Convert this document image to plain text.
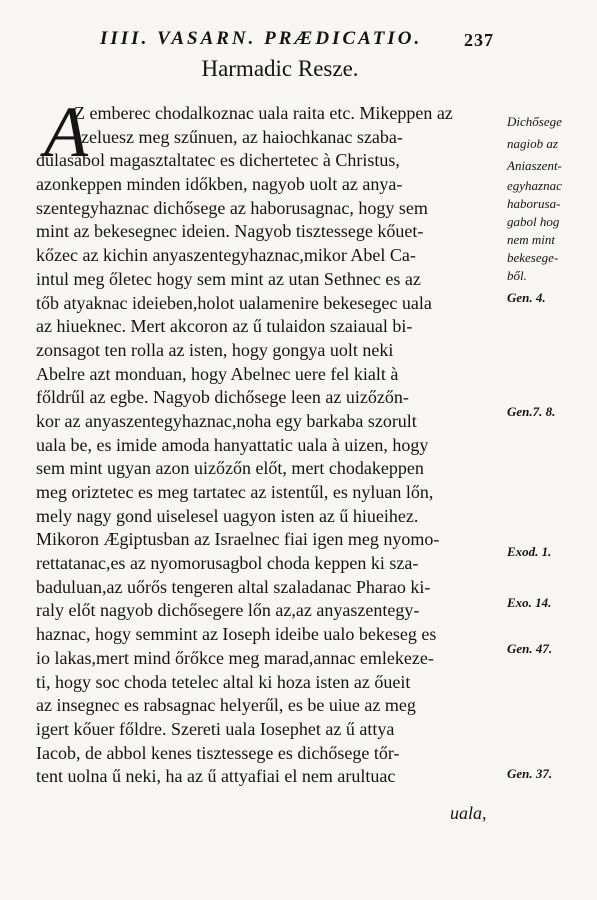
IIII. VASARN. PRÆDICATIO. 237
Harmadic Resze.
A
Z emberec chodalkoznac uala raita etc. Mikeppen az
szeluesz meg szűnuen, az haiochkanac szaba-
dulasabol magasztaltatec es dichertetec à Christus,
azonkeppen minden időkben, nagyob uolt az anya-
szentegyhaznac dichősege az haborusagnac, hogy sem
mint az bekesegnec ideien. Nagyob tisztessege kőuet-
kőzec az kichin anyaszentegyhaznac,mikor Abel Ca-
intul meg őletec hogy sem mint az utan Sethnec es az
tőb atyaknac ideieben,holot ualamenire bekesegec uala
az hiueknec. Mert akcoron az ű tulaidon szaiaual bi-
zonsagot ten rolla az isten, hogy gongya uolt neki
Abelre azt monduan, hogy Abelnec uere fel kialt à
főldrűl az egbe. Nagyob dichősege leen az uizőzőn-
kor az anyaszentegyhaznac,noha egy barkaba szorult
uala be, es imide amoda hanyattatic uala à uizen, hogy
sem mint ugyan azon uizőzőn előt, mert chodakeppen
meg oriztetec es meg tartatec az istentűl, es nyluan lőn,
mely nagy gond uiselesel uagyon isten az ű hiueihez.
Mikoron Ægiptusban az Israelnec fiai igen meg nyomo-
rettatanac,es az nyomorusagbol choda keppen ki sza-
baduluan,az uőrős tengeren altal szaladanac Pharao ki-
raly előt nagyob dichősegere lőn az,az anyaszentegy-
haznac, hogy semmint az Ioseph ideibe ualo bekeseg es
io lakas,mert mind őrőkce meg marad,annac emlekeze-
ti, hogy soc choda tetelec altal ki hoza isten az őueit
az insegnec es rabsagnac helyerűl, es be uiue az meg
igert kőuer főldre. Szereti uala Iosephet az ű attya
Iacob, de abbol kenes tisztessege es dichősege tőr-
tent uolna ű neki, ha az ű attyafiai el nem arultuac
uala,
Dichősege
nagiob az
Aniaszent-
egyhaznac
haborusa-
gabol hog
nem mint
bekesege-
ből.
Gen. 4.
Gen.7. 8.
Exod. 1.
Exo. 14.
Gen. 47.
Gen. 37.
